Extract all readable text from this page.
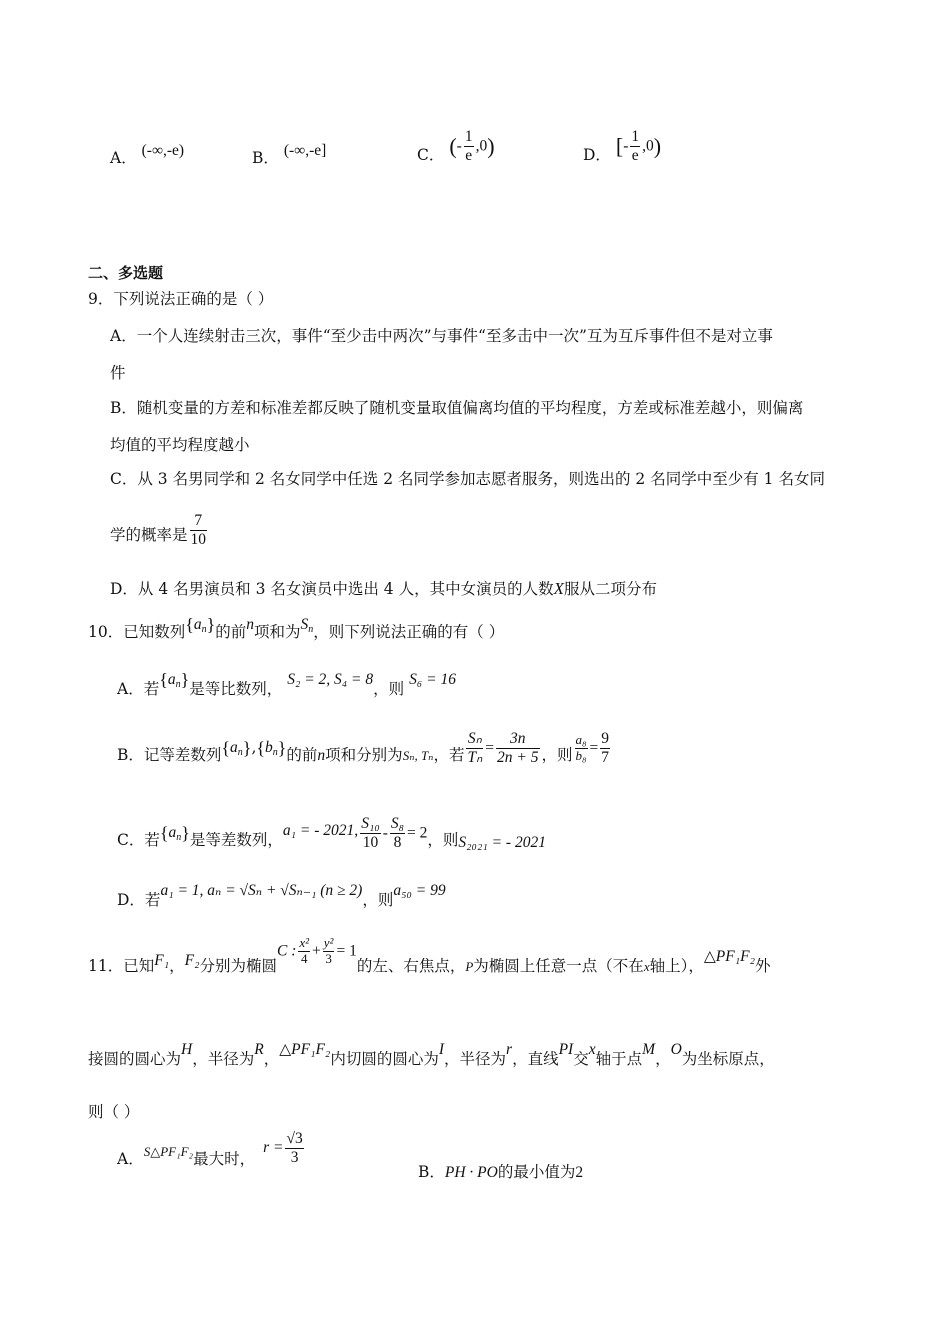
A． (-∞,-e)	B． (-∞,-e]	C． (- $\frac{1}{e} ,0$)	D． [- $\frac{1}{e} ,0$)
二、多选题
9．下列说法正确的是（ ）
A．一个人连续射击三次，事件“至少击中两次”与事件“至多击中一次”互为互斥事件但不是对立事
件
B．随机变量的方差和标准差都反映了随机变量取值偏离均值的平均程度，方差或标准差越小，则偏离
均值的平均程度越小
C．从 3 名男同学和 2 名女同学中任选 2 名同学参加志愿者服务，则选出的 2 名同学中至少有 1 名女同
学的概率是 $\frac{7}{10}$
D．从 4 名男演员和 3 名女演员中选出 4 人，其中女演员的人数X服从二项分布
10．已知数列$\{a_n\}$的前n项和为$S_n$，则下列说法正确的有（ ）
A．若$\{a_n\}$是等比数列， S₂ = 2, S₄ = 8，则 S₆ = 16
B．记等差数列$\{a_n\},\{b_n\}$的前n项和分别为$_{S_n, T_n}$，若 $\frac{\text{Sₙ}}{\text{Tₙ}} = \frac{3n}{2n + 5}$ ，则 $\frac{\text{a₈}}{\text{b₈}} = \frac{9}{7}$
C．若$\{a_n\}$是等差数列，a₁ = - 2021, $\frac{\text{S₁₀}}{10} - \frac{\text{S₈}}{8} = 2$，则S₂₀₂₁ = - 2021
D．若a₁ = 1, aₙ = √Sₙ + √Sₙ₋₁ (n ≥ 2)，则a₅₀ = 99
11．已知F₁，F₂分别为椭圆C : $\frac{\text{x²}}{4} + \frac{\text{y²}}{3} = 1$的左、右焦点，$_P$为椭圆上任意一点（不在$_x$轴上），△PF₁F₂外
接圆的圆心为H，半径为R，△PF₁F₂内切圆的圆心为I，半径为r，直线PI交x轴于点M，O为坐标原点，
则（ ）
A．$_{S\triangle PF_1F_2}$最大时，$r = \frac{√3}{3}$
B．PH · PO的最小值为2
